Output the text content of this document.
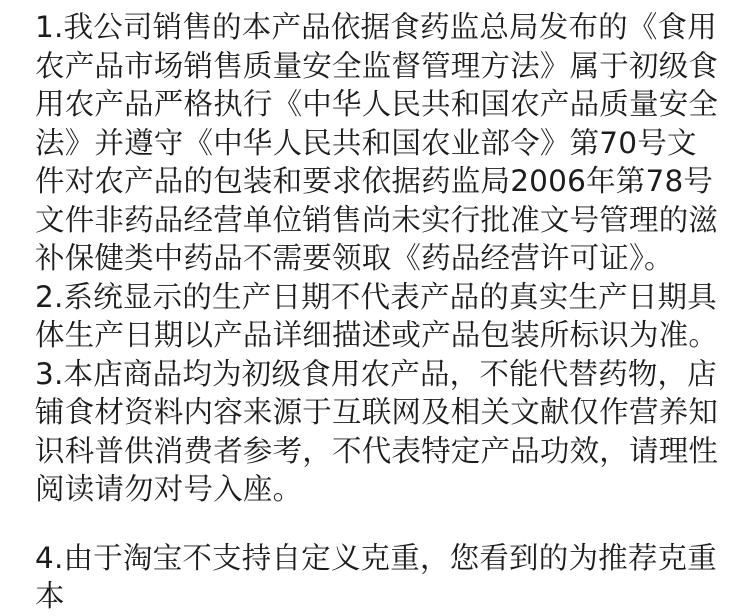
1.我公司销售的本产品依据食药监总局发布的《食用农产品市场销售质量安全监督管理方法》属于初级食用农产品严格执行《中华人民共和国农产品质量安全法》并遵守《中华人民共和国农业部令》第70号文件对农产品的包装和要求依据药监局2006年第78号文件非药品经营单位销售尚未实行批准文号管理的滋补保健类中药品不需要领取《药品经营许可证》。

2.系统显示的生产日期不代表产品的真实生产日期具体生产日期以产品详细描述或产品包装所标识为准。

3.本店商品均为初级食用农产品，不能代替药物，店铺食材资料内容来源于互联网及相关文献仅作营养知识科普供消费者参考，不代表特定产品功效，请理性阅读请勿对号入座。

4.由于淘宝不支持自定义克重，您看到的为推荐克重本
